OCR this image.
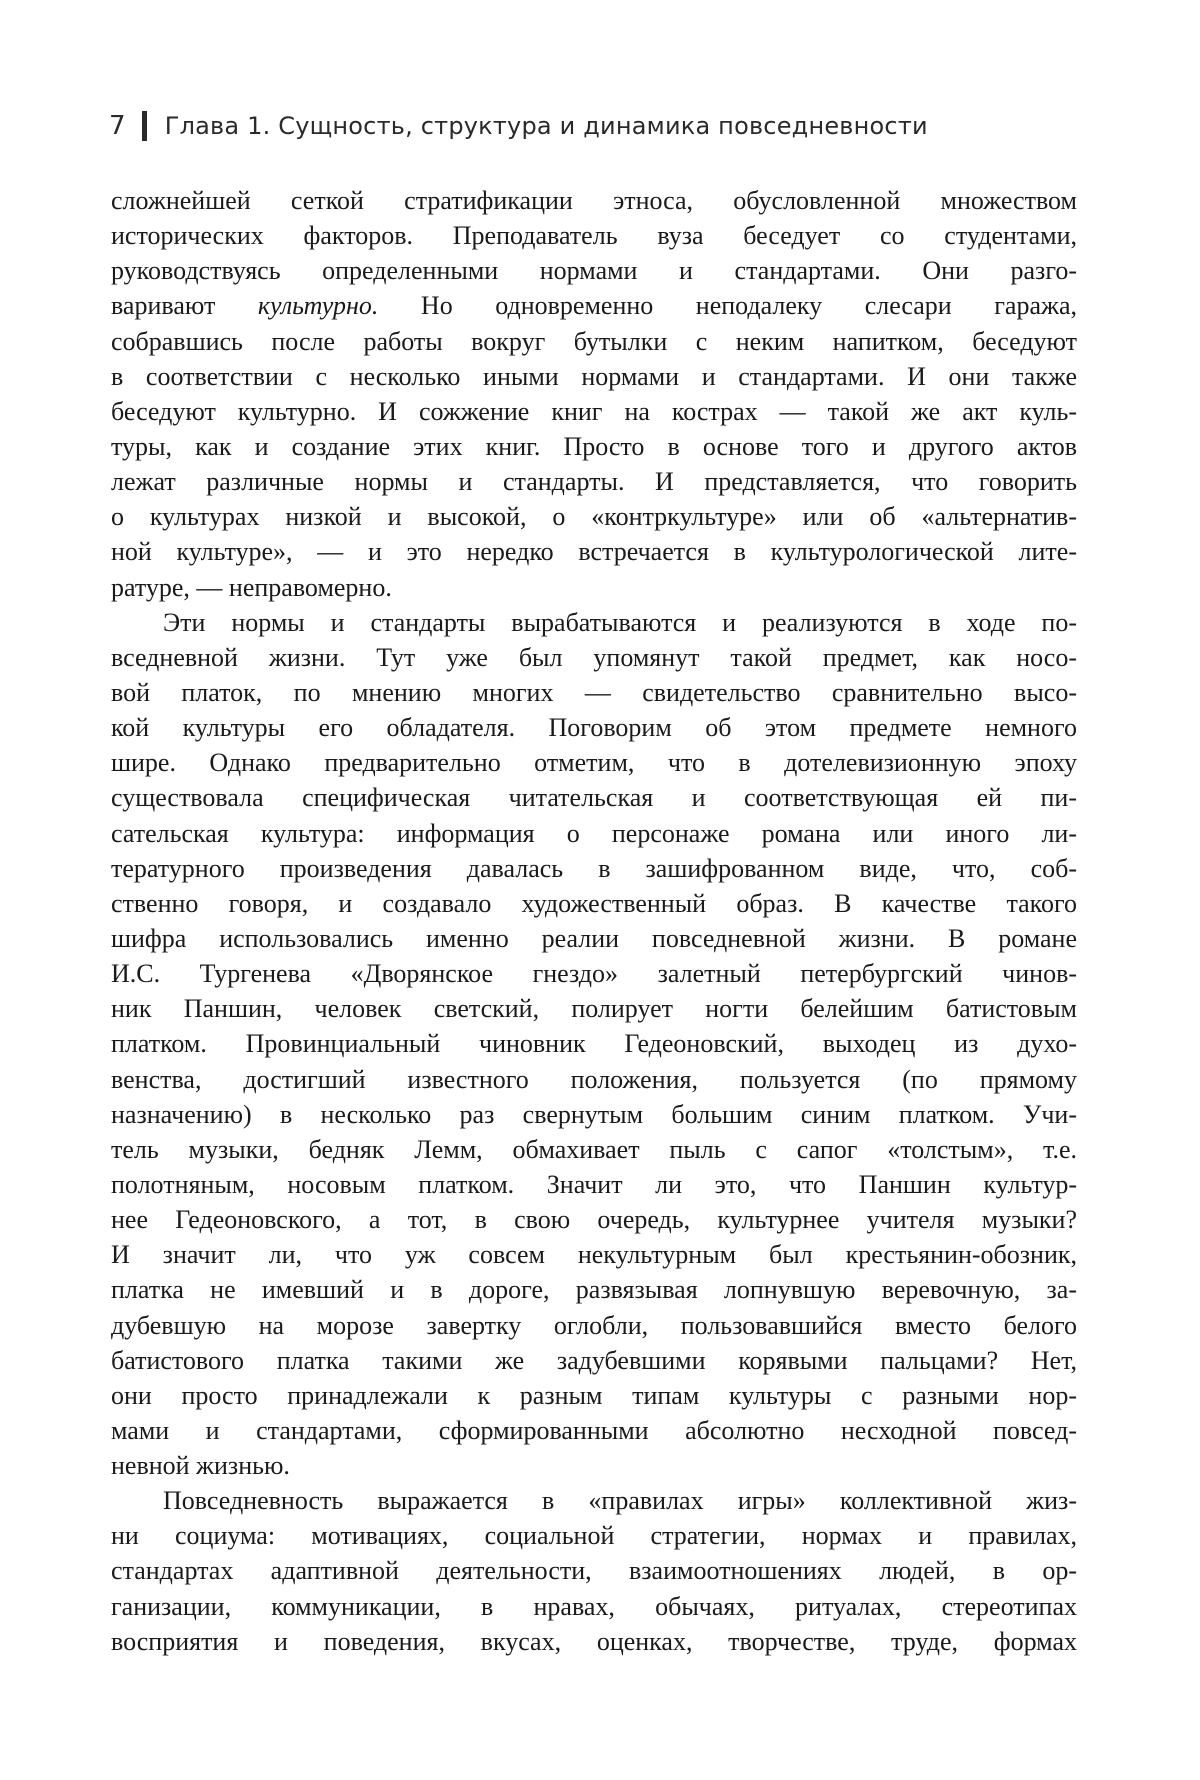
7 Глава 1. Сущность, структура и динамика повседневности
сложнейшей сеткой стратификации этноса, обусловленной множеством
исторических факторов. Преподаватель вуза беседует со студентами,
руководствуясь определенными нормами и стандартами. Они разго-
варивают культурно. Но одновременно неподалеку слесари гаража,
собравшись после работы вокруг бутылки с неким напитком, беседуют
в соответствии с несколько иными нормами и стандартами. И они также
беседуют культурно. И сожжение книг на кострах — такой же акт куль-
туры, как и создание этих книг. Просто в основе того и другого актов
лежат различные нормы и стандарты. И представляется, что говорить
о культурах низкой и высокой, о «контркультуре» или об «альтернатив-
ной культуре», — и это нередко встречается в культурологической лите-
ратуре, — неправомерно.
Эти нормы и стандарты вырабатываются и реализуются в ходе по-
вседневной жизни. Тут уже был упомянут такой предмет, как носо-
вой платок, по мнению многих — свидетельство сравнительно высо-
кой культуры его обладателя. Поговорим об этом предмете немного
шире. Однако предварительно отметим, что в дотелевизионную эпоху
существовала специфическая читательская и соответствующая ей пи-
сательская культура: информация о персонаже романа или иного ли-
тературного произведения давалась в зашифрованном виде, что, соб-
ственно говоря, и создавало художественный образ. В качестве такого
шифра использовались именно реалии повседневной жизни. В романе
И.С. Тургенева «Дворянское гнездо» залетный петербургский чинов-
ник Паншин, человек светский, полирует ногти белейшим батистовым
платком. Провинциальный чиновник Гедеоновский, выходец из духо-
венства, достигший известного положения, пользуется (по прямому
назначению) в несколько раз свернутым большим синим платком. Учи-
тель музыки, бедняк Лемм, обмахивает пыль с сапог «толстым», т.е.
полотняным, носовым платком. Значит ли это, что Паншин культур-
нее Гедеоновского, а тот, в свою очередь, культурнее учителя музыки?
И значит ли, что уж совсем некультурным был крестьянин-обозник,
платка не имевший и в дороге, развязывая лопнувшую веревочную, за-
дубевшую на морозе завертку оглобли, пользовавшийся вместо белого
батистового платка такими же задубевшими корявыми пальцами? Нет,
они просто принадлежали к разным типам культуры с разными нор-
мами и стандартами, сформированными абсолютно несходной повсед-
невной жизнью.
Повседневность выражается в «правилах игры» коллективной жиз-
ни социума: мотивациях, социальной стратегии, нормах и правилах,
стандартах адаптивной деятельности, взаимоотношениях людей, в ор-
ганизации, коммуникации, в нравах, обычаях, ритуалах, стереотипах
восприятия и поведения, вкусах, оценках, творчестве, труде, формах
